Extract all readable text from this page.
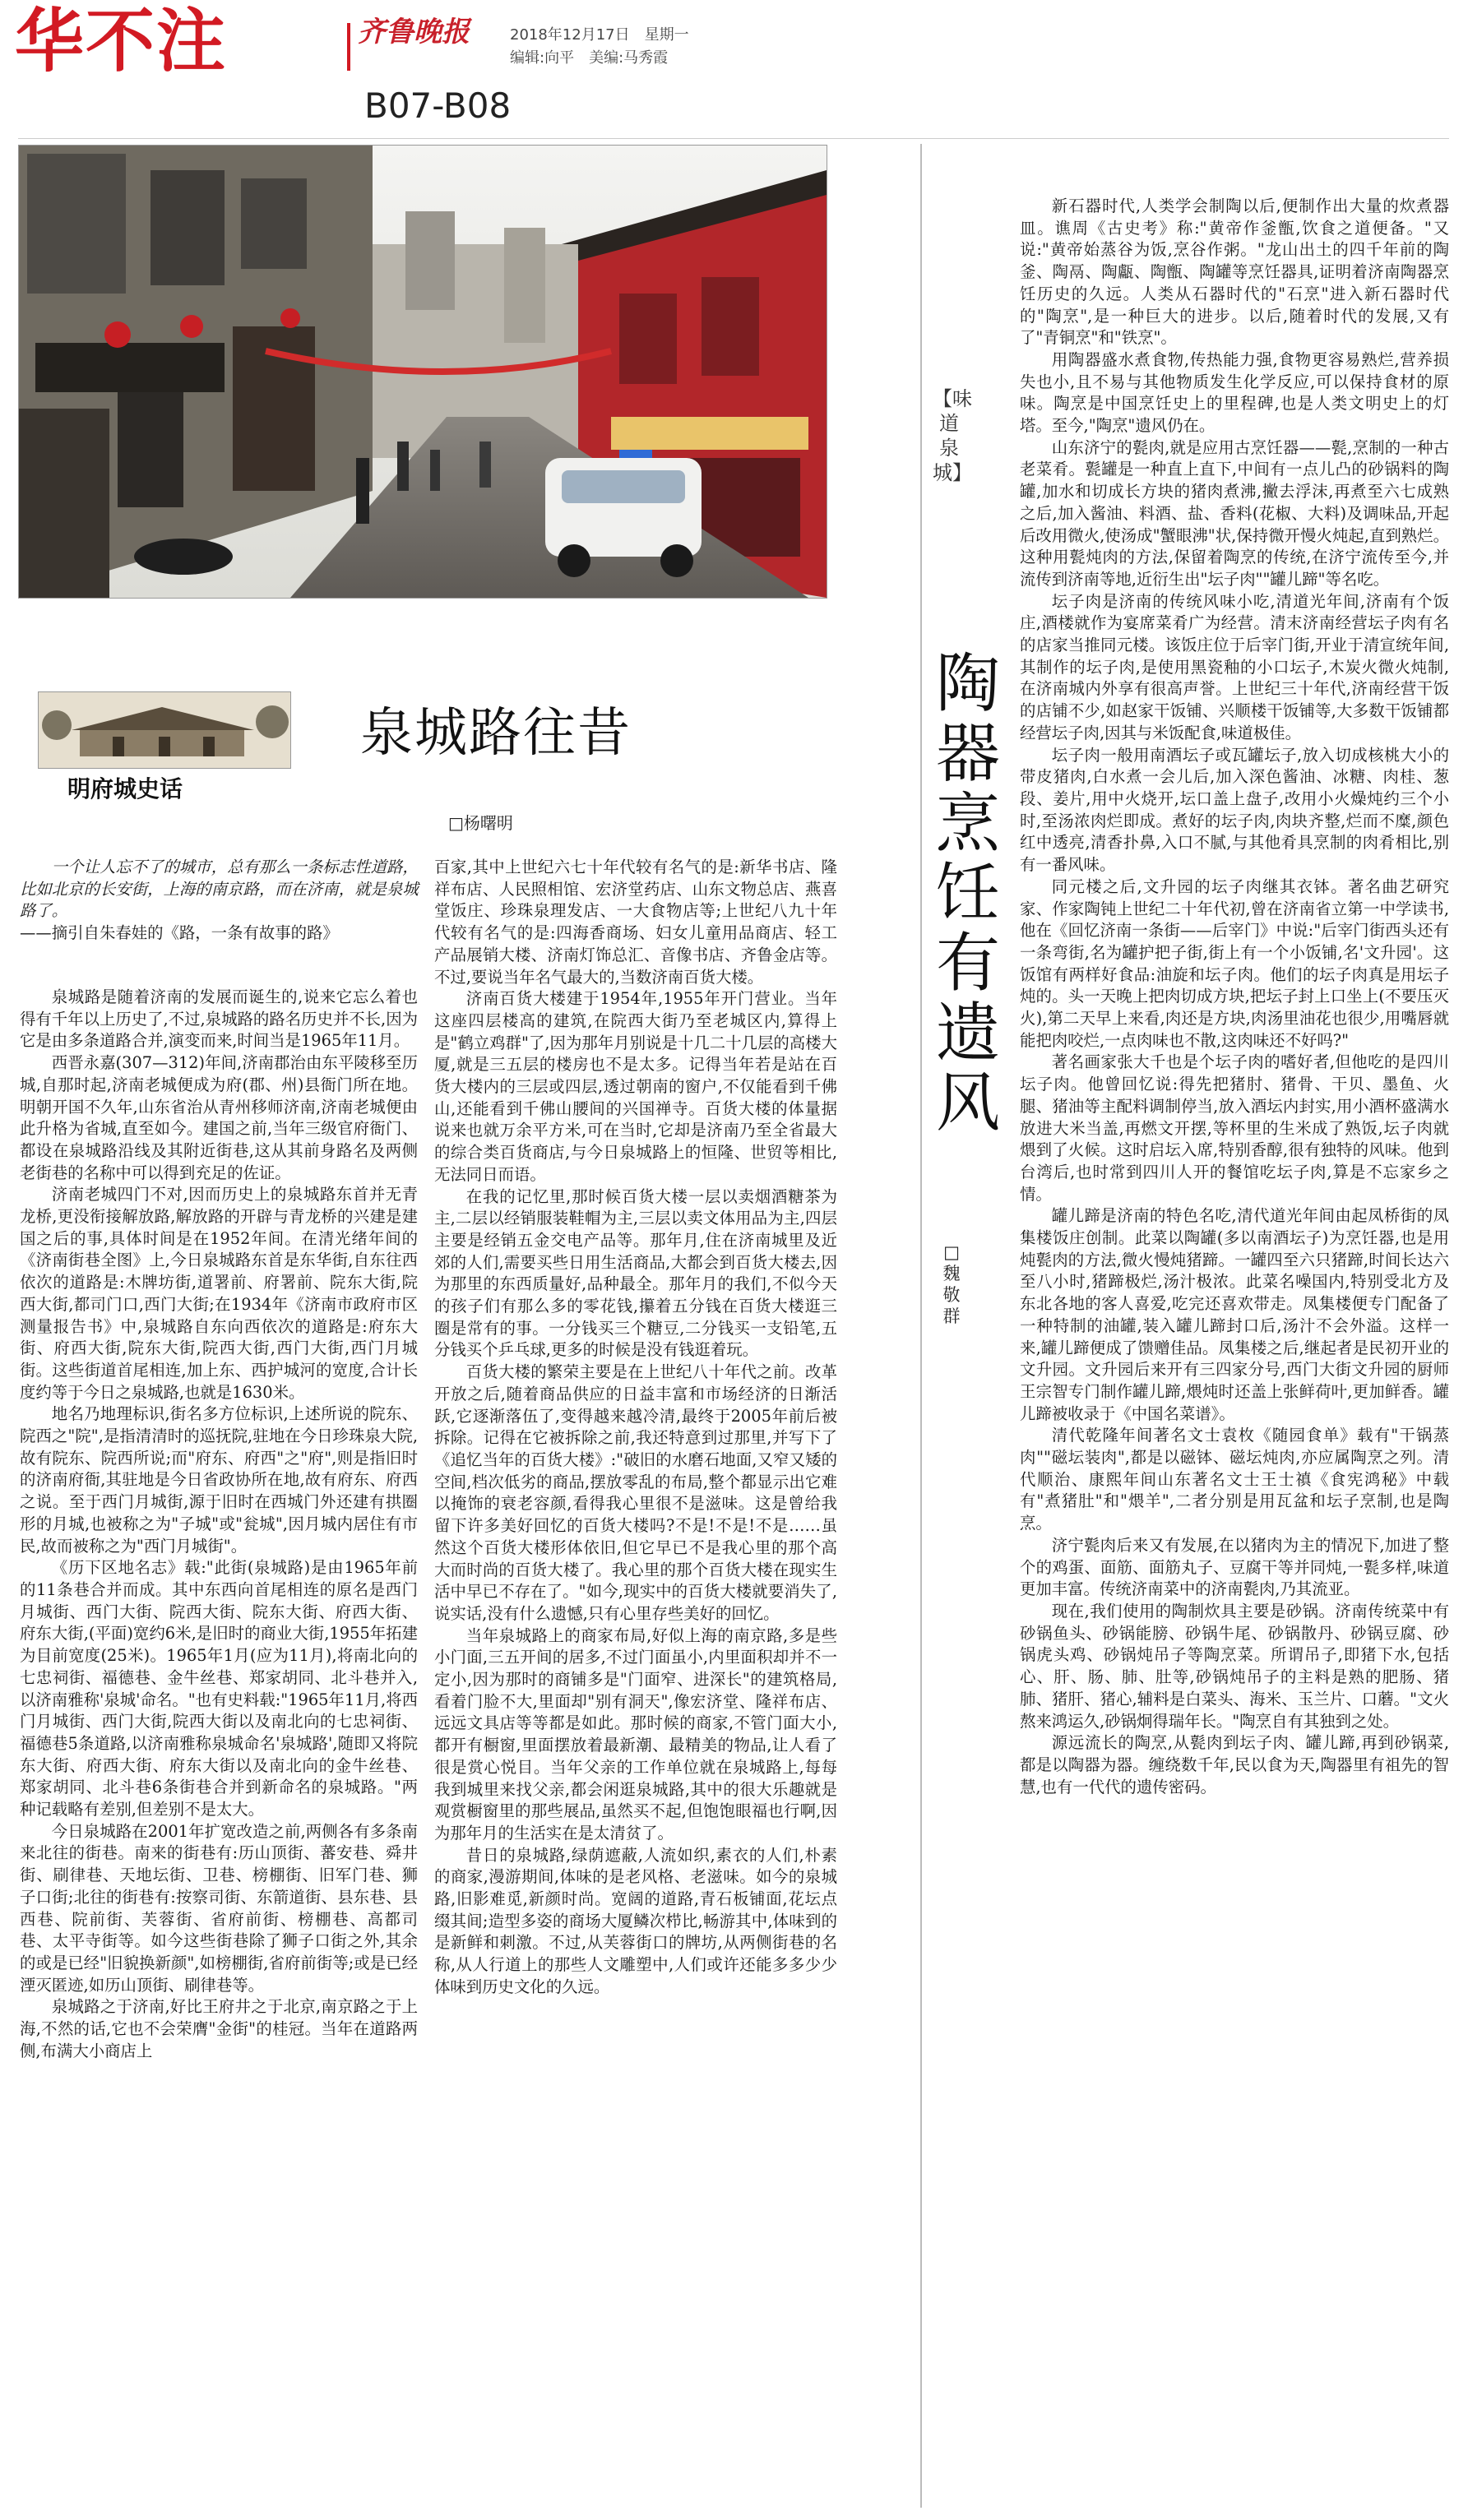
华不注	齐鲁晚报	2018年12月17日　星期一
编辑:向平　美编:马秀霞
B07-B08
明府城史话
泉城路往昔
□杨曙明

一个让人忘不了的城市，总有那么一条标志性道路，比如北京的长安街，上海的南京路，而在济南，就是泉城路了。

——摘引自朱春娃的《路，一条有故事的路》

泉城路是随着济南的发展而诞生的,说来它忘么着也得有千年以上历史了,不过,泉城路的路名历史并不长,因为它是由多条道路合并,演变而来,时间当是1965年11月。

西晋永嘉(307—312)年间,济南郡治由东平陵移至历城,自那时起,济南老城便成为府(郡、州)县衙门所在地。明朝开国不久年,山东省治从青州移师济南,济南老城便由此升格为省城,直至如今。建国之前,当年三级官府衙门、都设在泉城路沿线及其附近街巷,这从其前身路名及两侧老街巷的名称中可以得到充足的佐证。

济南老城四门不对,因而历史上的泉城路东首并无青龙桥,更没衔接解放路,解放路的开辟与青龙桥的兴建是建国之后的事,具体时间是在1952年间。在清光绪年间的《济南街巷全图》上,今日泉城路东首是东华街,自东往西依次的道路是:木牌坊街,道署前、府署前、院东大街,院西大街,都司门口,西门大街;在1934年《济南市政府市区测量报告书》中,泉城路自东向西依次的道路是:府东大街、府西大街,院东大街,院西大街,西门大街,西门月城街。这些街道首尾相连,加上东、西护城河的宽度,合计长度约等于今日之泉城路,也就是1630米。

地名乃地理标识,街名多方位标识,上述所说的院东、院西之"院",是指清清时的巡抚院,驻地在今日珍珠泉大院,故有院东、院西所说;而"府东、府西"之"府",则是指旧时的济南府衙,其驻地是今日省政协所在地,故有府东、府西之说。至于西门月城街,源于旧时在西城门外还建有拱圈形的月城,也被称之为"子城"或"瓮城",因月城内居住有市民,故而被称之为"西门月城街"。

《历下区地名志》载:"此街(泉城路)是由1965年前的11条巷合并而成。其中东西向首尾相连的原名是西门月城街、西门大街、院西大街、院东大街、府西大街、府东大街,(平面)宽约6米,是旧时的商业大街,1955年拓建为目前宽度(25米)。1965年1月(应为11月),将南北向的七忠祠街、福德巷、金牛丝巷、郑家胡同、北斗巷并入,以济南雅称'泉城'命名。"也有史料载:"1965年11月,将西门月城街、西门大街,院西大街以及南北向的七忠祠街、福德巷5条道路,以济南雅称泉城命名'泉城路',随即又将院东大街、府西大街、府东大街以及南北向的金牛丝巷、郑家胡同、北斗巷6条街巷合并到新命名的泉城路。"两种记载略有差别,但差别不是太大。

今日泉城路在2001年扩宽改造之前,两侧各有多条南来北往的街巷。南来的街巷有:历山顶街、蕃安巷、舜井街、刷律巷、天地坛街、卫巷、榜棚街、旧军门巷、狮子口街;北往的街巷有:按察司街、东箭道街、县东巷、县西巷、院前街、芙蓉街、省府前街、榜棚巷、高都司巷、太平寺街等。如今这些街巷除了狮子口街之外,其余的或是已经"旧貌换新颜",如榜棚街,省府前街等;或是已经湮灭匿迹,如历山顶街、刷律巷等。

泉城路之于济南,好比王府井之于北京,南京路之于上海,不然的话,它也不会荣膺"金街"的桂冠。当年在道路两侧,布满大小商店上

百家,其中上世纪六七十年代较有名气的是:新华书店、隆祥布店、人民照相馆、宏济堂药店、山东文物总店、燕喜堂饭庄、珍珠泉理发店、一大食物店等;上世纪八九十年代较有名气的是:四海香商场、妇女儿童用品商店、轻工产品展销大楼、济南灯饰总汇、音像书店、齐鲁金店等。不过,要说当年名气最大的,当数济南百货大楼。

济南百货大楼建于1954年,1955年开门营业。当年这座四层楼高的建筑,在院西大街乃至老城区内,算得上是"鹤立鸡群"了,因为那年月别说是十几二十几层的高楼大厦,就是三五层的楼房也不是太多。记得当年若是站在百货大楼内的三层或四层,透过朝南的窗户,不仅能看到千佛山,还能看到千佛山腰间的兴国禅寺。百货大楼的体量据说来也就万余平方米,可在当时,它却是济南乃至全省最大的综合类百货商店,与今日泉城路上的恒隆、世贸等相比,无法同日而语。

在我的记忆里,那时候百货大楼一层以卖烟酒糖茶为主,二层以经销服装鞋帽为主,三层以卖文体用品为主,四层主要是经销五金交电产品等。那年月,住在济南城里及近郊的人们,需要买些日用生活商品,大都会到百货大楼去,因为那里的东西质量好,品种最全。那年月的我们,不似今天的孩子们有那么多的零花钱,攥着五分钱在百货大楼逛三圈是常有的事。一分钱买三个糖豆,二分钱买一支铅笔,五分钱买个乒乓球,更多的时候是没有钱逛着玩。

百货大楼的繁荣主要是在上世纪八十年代之前。改革开放之后,随着商品供应的日益丰富和市场经济的日渐活跃,它逐渐落伍了,变得越来越冷清,最终于2005年前后被拆除。记得在它被拆除之前,我还特意到过那里,并写下了《追忆当年的百货大楼》:"破旧的水磨石地面,又窄又矮的空间,档次低劣的商品,摆放零乱的布局,整个都显示出它难以掩饰的衰老容颜,看得我心里很不是滋味。这是曾给我留下许多美好回忆的百货大楼吗?不是!不是!不是……虽然这个百货大楼形体依旧,但它早已不是我心里的那个高大而时尚的百货大楼了。我心里的那个百货大楼在现实生活中早已不存在了。"如今,现实中的百货大楼就要消失了,说实话,没有什么遗憾,只有心里存些美好的回忆。

当年泉城路上的商家布局,好似上海的南京路,多是些小门面,三五开间的居多,不过门面虽小,内里面积却并不一定小,因为那时的商铺多是"门面窄、进深长"的建筑格局,看着门脸不大,里面却"别有洞天",像宏济堂、隆祥布店、远远文具店等等都是如此。那时候的商家,不管门面大小,都开有橱窗,里面摆放着最新潮、最精美的物品,让人看了很是赏心悦目。当年父亲的工作单位就在泉城路上,每每我到城里来找父亲,都会闲逛泉城路,其中的很大乐趣就是观赏橱窗里的那些展品,虽然买不起,但饱饱眼福也行啊,因为那年月的生活实在是太清贫了。

昔日的泉城路,绿荫遮蔽,人流如织,素衣的人们,朴素的商家,漫游期间,体味的是老风格、老滋味。如今的泉城路,旧影难觅,新颜时尚。宽阔的道路,青石板铺面,花坛点缀其间;造型多姿的商场大厦鳞次栉比,畅游其中,体味到的是新鲜和刺激。不过,从芙蓉街口的牌坊,从两侧街巷的名称,从人行道上的那些人文雕塑中,人们或许还能多多少少体味到历史文化的久远。

【味道泉城】
陶器烹饪有遗风
□魏敬群

新石器时代,人类学会制陶以后,便制作出大量的炊煮器皿。谯周《古史考》称:"黄帝作釜甑,饮食之道便备。"又说:"黄帝始蒸谷为饭,烹谷作粥。"龙山出土的四千年前的陶釜、陶鬲、陶甗、陶甑、陶罐等烹饪器具,证明着济南陶器烹饪历史的久远。人类从石器时代的"石烹"进入新石器时代的"陶烹",是一种巨大的进步。以后,随着时代的发展,又有了"青铜烹"和"铁烹"。

用陶器盛水煮食物,传热能力强,食物更容易熟烂,营养损失也小,且不易与其他物质发生化学反应,可以保持食材的原味。陶烹是中国烹饪史上的里程碑,也是人类文明史上的灯塔。至今,"陶烹"遗风仍在。

山东济宁的甏肉,就是应用古烹饪器——甏,烹制的一种古老菜肴。甏罐是一种直上直下,中间有一点儿凸的砂锅料的陶罐,加水和切成长方块的猪肉煮沸,撇去浮沫,再煮至六七成熟之后,加入酱油、料酒、盐、香料(花椒、大料)及调味品,开起后改用微火,使汤成"蟹眼沸"状,保持微开慢火炖起,直到熟烂。这种用甏炖肉的方法,保留着陶烹的传统,在济宁流传至今,并流传到济南等地,近衍生出"坛子肉""罐儿蹄"等名吃。

坛子肉是济南的传统风味小吃,清道光年间,济南有个饭庄,酒楼就作为宴席菜肴广为经营。清末济南经营坛子肉有名的店家当推同元楼。该饭庄位于后宰门街,开业于清宣统年间,其制作的坛子肉,是使用黑瓷釉的小口坛子,木炭火微火炖制,在济南城内外享有很高声誉。上世纪三十年代,济南经营干饭的店铺不少,如赵家干饭铺、兴顺楼干饭铺等,大多数干饭铺都经营坛子肉,因其与米饭配食,味道极佳。

坛子肉一般用南酒坛子或瓦罐坛子,放入切成核桃大小的带皮猪肉,白水煮一会儿后,加入深色酱油、冰糖、肉桂、葱段、姜片,用中火烧开,坛口盖上盘子,改用小火燥炖约三个小时,至汤浓肉烂即成。煮好的坛子肉,肉块齐整,烂而不糜,颜色红中透亮,清香扑鼻,入口不腻,与其他肴具烹制的肉肴相比,别有一番风味。

同元楼之后,文升园的坛子肉继其衣钵。著名曲艺研究家、作家陶钝上世纪二十年代初,曾在济南省立第一中学读书,他在《回忆济南一条街——后宰门》中说:"后宰门街西头还有一条弯街,名为罐护把子街,街上有一个小饭铺,名'文升园'。这饭馆有两样好食品:油旋和坛子肉。他们的坛子肉真是用坛子炖的。头一天晚上把肉切成方块,把坛子封上口坐上(不要压灭火),第二天早上来看,肉还是方块,肉汤里油花也很少,用嘴唇就能把肉咬烂,一点肉味也不散,这肉味还不好吗?"

著名画家张大千也是个坛子肉的嗜好者,但他吃的是四川坛子肉。他曾回忆说:得先把猪肘、猪骨、干贝、墨鱼、火腿、猪油等主配料调制停当,放入酒坛内封实,用小酒杯盛满水放进大米当盖,再燃文开摆,等杯里的生米成了熟饭,坛子肉就煨到了火候。这时启坛入席,特别香醇,很有独特的风味。他到台湾后,也时常到四川人开的餐馆吃坛子肉,算是不忘家乡之情。

罐儿蹄是济南的特色名吃,清代道光年间由起凤桥街的凤集楼饭庄创制。此菜以陶罐(多以南酒坛子)为烹饪器,也是用炖甏肉的方法,微火慢炖猪蹄。一罐四至六只猪蹄,时间长达六至八小时,猪蹄极烂,汤汁极浓。此菜名噪国内,特别受北方及东北各地的客人喜爱,吃完还喜欢带走。凤集楼便专门配备了一种特制的油罐,装入罐儿蹄封口后,汤汁不会外溢。这样一来,罐儿蹄便成了馈赠佳品。凤集楼之后,继起者是民初开业的文升园。文升园后来开有三四家分号,西门大街文升园的厨师王宗智专门制作罐儿蹄,煨炖时还盖上张鲜荷叶,更加鲜香。罐儿蹄被收录于《中国名菜谱》。

清代乾隆年间著名文士袁枚《随园食单》载有"干锅蒸肉""磁坛装肉",都是以磁钵、磁坛炖肉,亦应属陶烹之列。清代顺治、康熙年间山东著名文士王士禛《食宪鸿秘》中载有"煮猪肚"和"煨羊",二者分别是用瓦盆和坛子烹制,也是陶烹。

济宁甏肉后来又有发展,在以猪肉为主的情况下,加进了整个的鸡蛋、面筋、面筋丸子、豆腐干等并同炖,一甏多样,味道更加丰富。传统济南菜中的济南甏肉,乃其流亚。

现在,我们使用的陶制炊具主要是砂锅。济南传统菜中有砂锅鱼头、砂锅能膀、砂锅牛尾、砂锅散丹、砂锅豆腐、砂锅虎头鸡、砂锅炖吊子等陶烹菜。所谓吊子,即猪下水,包括心、肝、肠、肺、肚等,砂锅炖吊子的主料是熟的肥肠、猪肺、猪肝、猪心,辅料是白菜头、海米、玉兰片、口蘑。"文火熬来鸿运久,砂锅炯得瑞年长。"陶烹自有其独到之处。

源远流长的陶烹,从甏肉到坛子肉、罐儿蹄,再到砂锅菜,都是以陶器为器。缠绕数千年,民以食为天,陶器里有祖先的智慧,也有一代代的遗传密码。
